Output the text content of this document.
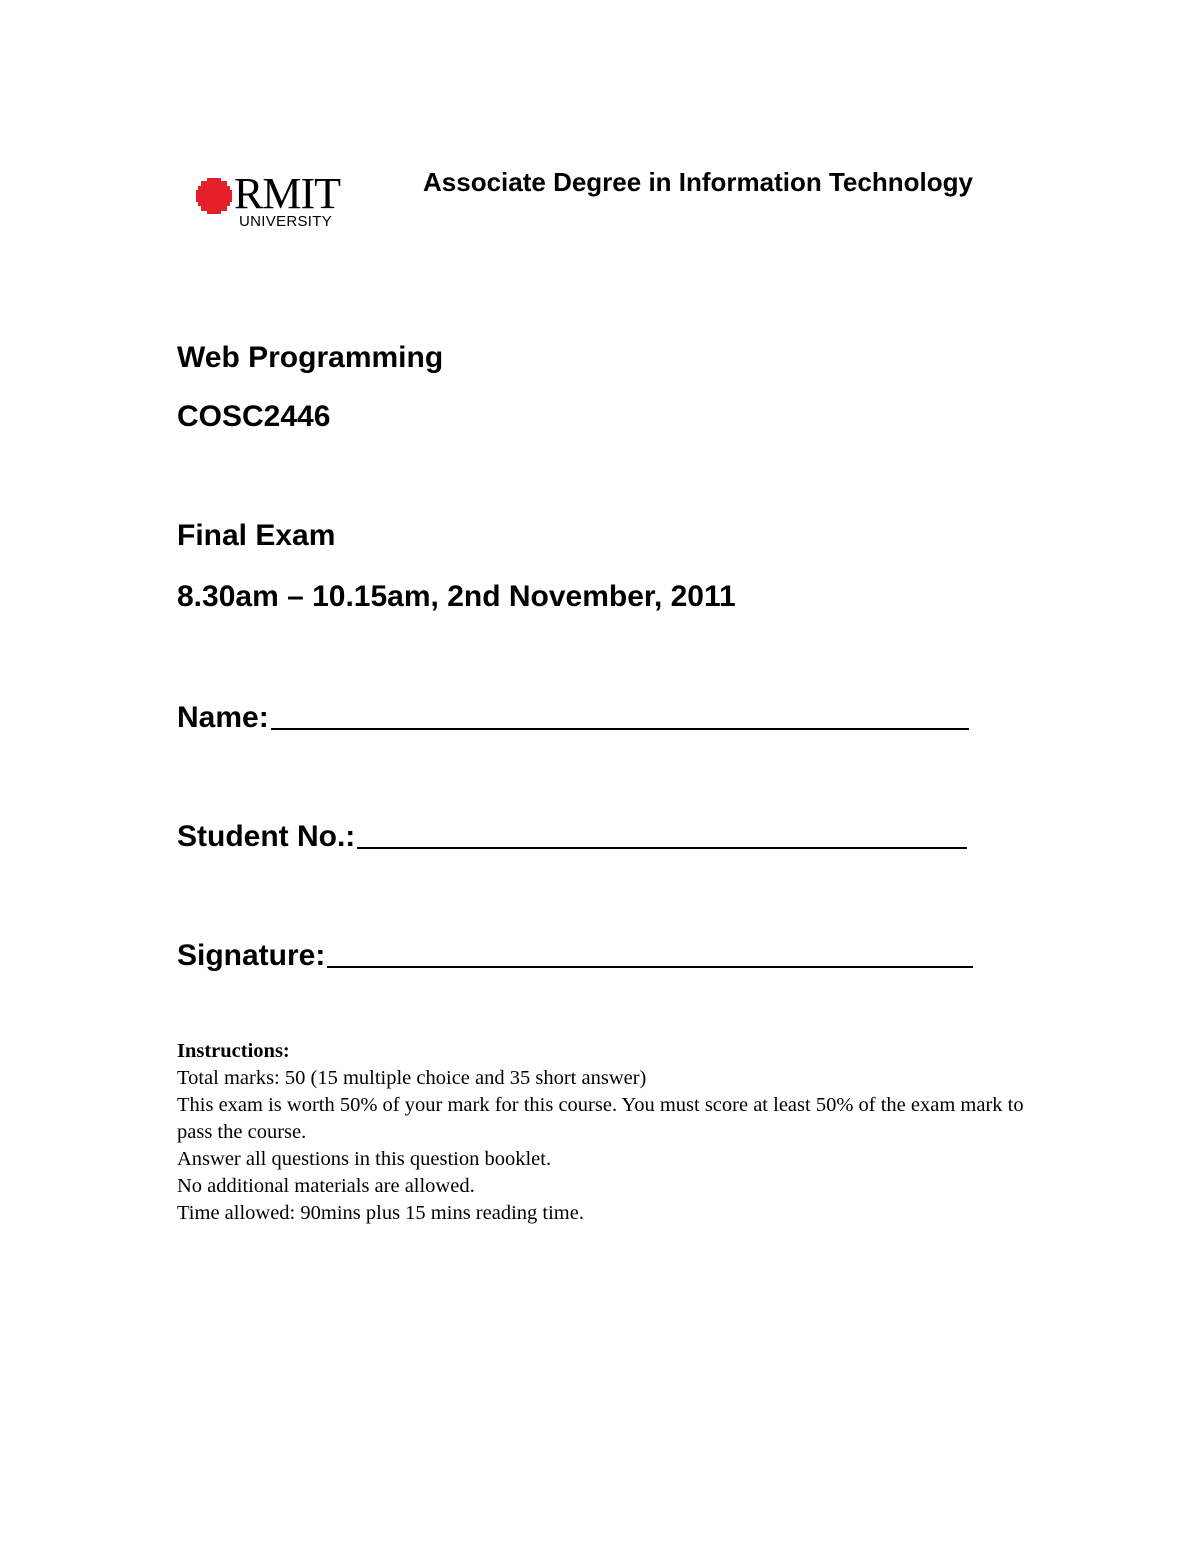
RMIT
UNIVERSITY
Associate Degree in Information Technology
Web Programming
COSC2446
Final Exam
8.30am – 10.15am, 2nd November, 2011
Name:
Student No.:
Signature:
Instructions:
Total marks: 50 (15 multiple choice and 35 short answer)
This exam is worth 50% of your mark for this course. You must score at least 50% of the exam mark to pass the course.
Answer all questions in this question booklet.
No additional materials are allowed.
Time allowed: 90mins plus 15 mins reading time.
